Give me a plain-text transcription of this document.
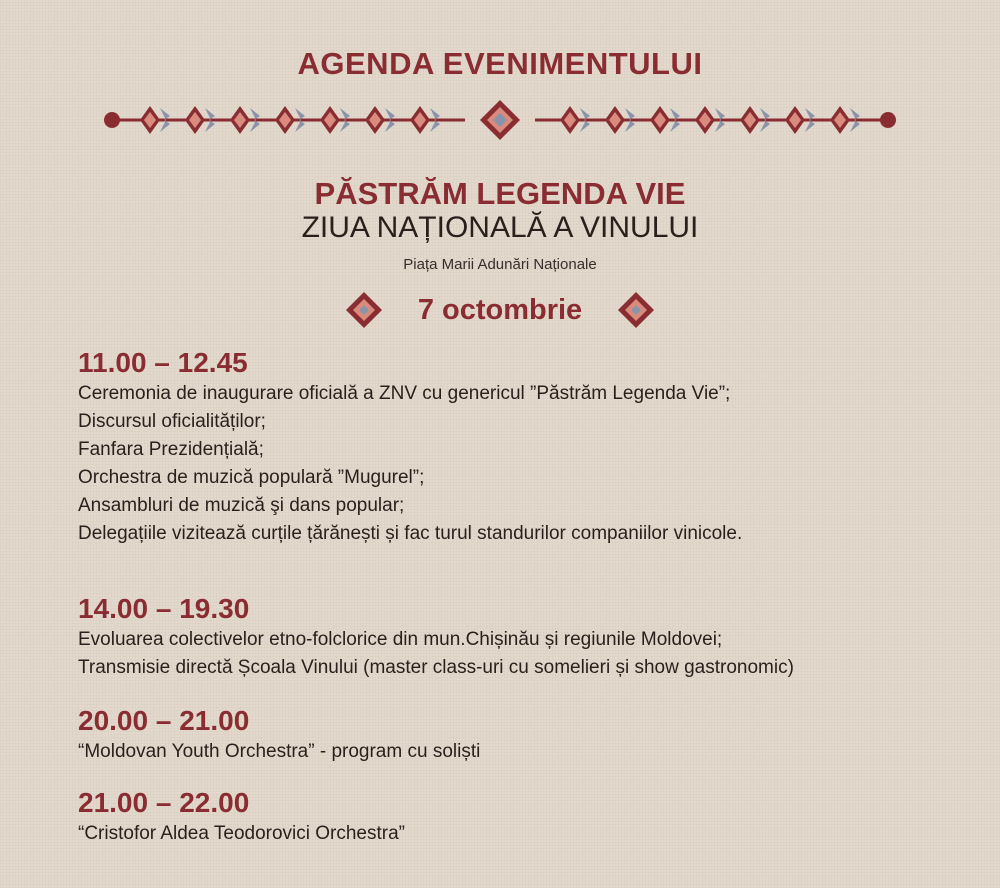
AGENDA EVENIMENTULUI
PĂSTRĂM LEGENDA VIE
ZIUA NAȚIONALĂ A VINULUI
Piața Marii Adunări Naționale
7 octombrie
11.00 – 12.45
Ceremonia de inaugurare oficială a ZNV cu genericul ”Păstrăm Legenda Vie”;
Discursul oficialităților;
Fanfara Prezidențială;
Orchestra de muzică populară ”Mugurel”;
Ansambluri de muzică şi dans popular;
Delegațiile vizitează curțile țărănești și fac turul standurilor companiilor vinicole.
14.00 – 19.30
Evoluarea colectivelor etno-folclorice din mun.Chișinău și regiunile Moldovei;
Transmisie directă Școala Vinului (master class-uri cu somelieri și show gastronomic)
20.00 – 21.00
“Moldovan Youth Orchestra” - program cu soliști
21.00 – 22.00
“Cristofor Aldea Teodorovici Orchestra”
